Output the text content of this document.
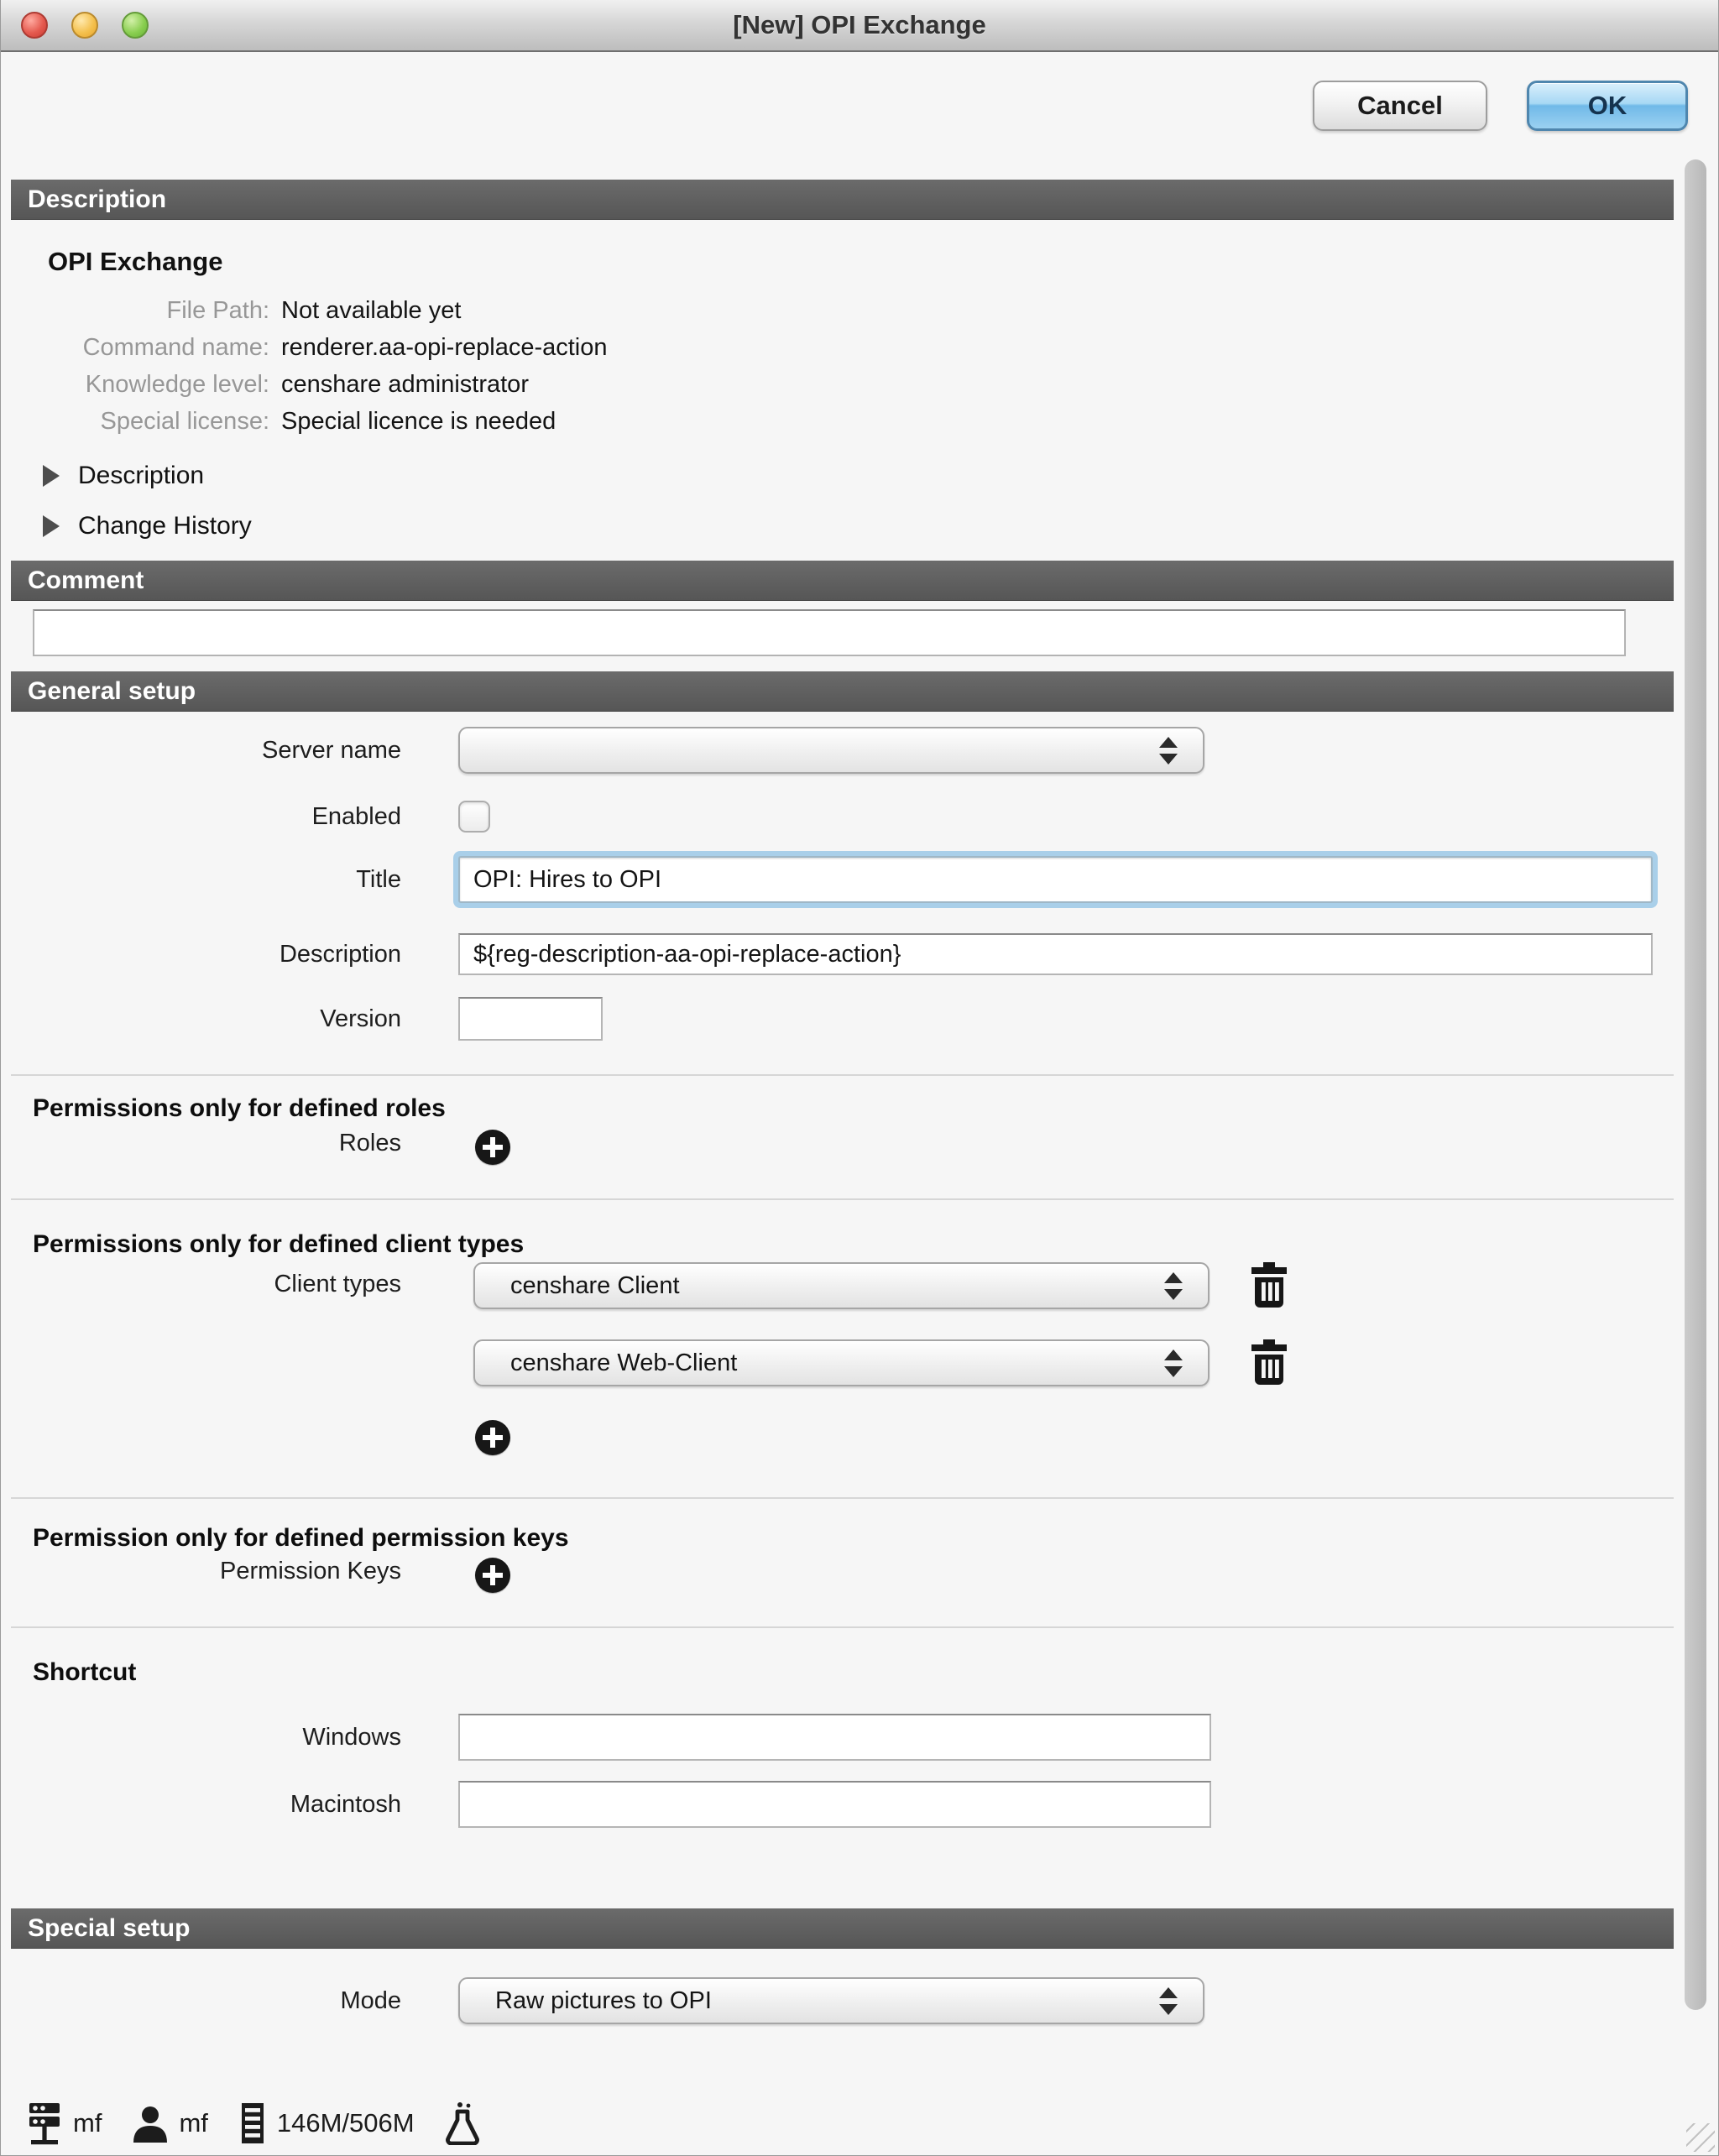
[New] OPI Exchange
Cancel	OK
Description
OPI Exchange
File Path: Not available yet
Command name: renderer.aa-opi-replace-action
Knowledge level: censhare administrator
Special license: Special licence is needed
Description
Change History
Comment
General setup
Server name
Enabled
Title	OPI: Hires to OPI
Description	${reg-description-aa-opi-replace-action}
Version
Permissions only for defined roles
Roles
Permissions only for defined client types
Client types	censhare Client
censhare Web-Client
Permission only for defined permission keys
Permission Keys
Shortcut
Windows
Macintosh
Special setup
Mode	Raw pictures to OPI
mf	mf	146M/506M
